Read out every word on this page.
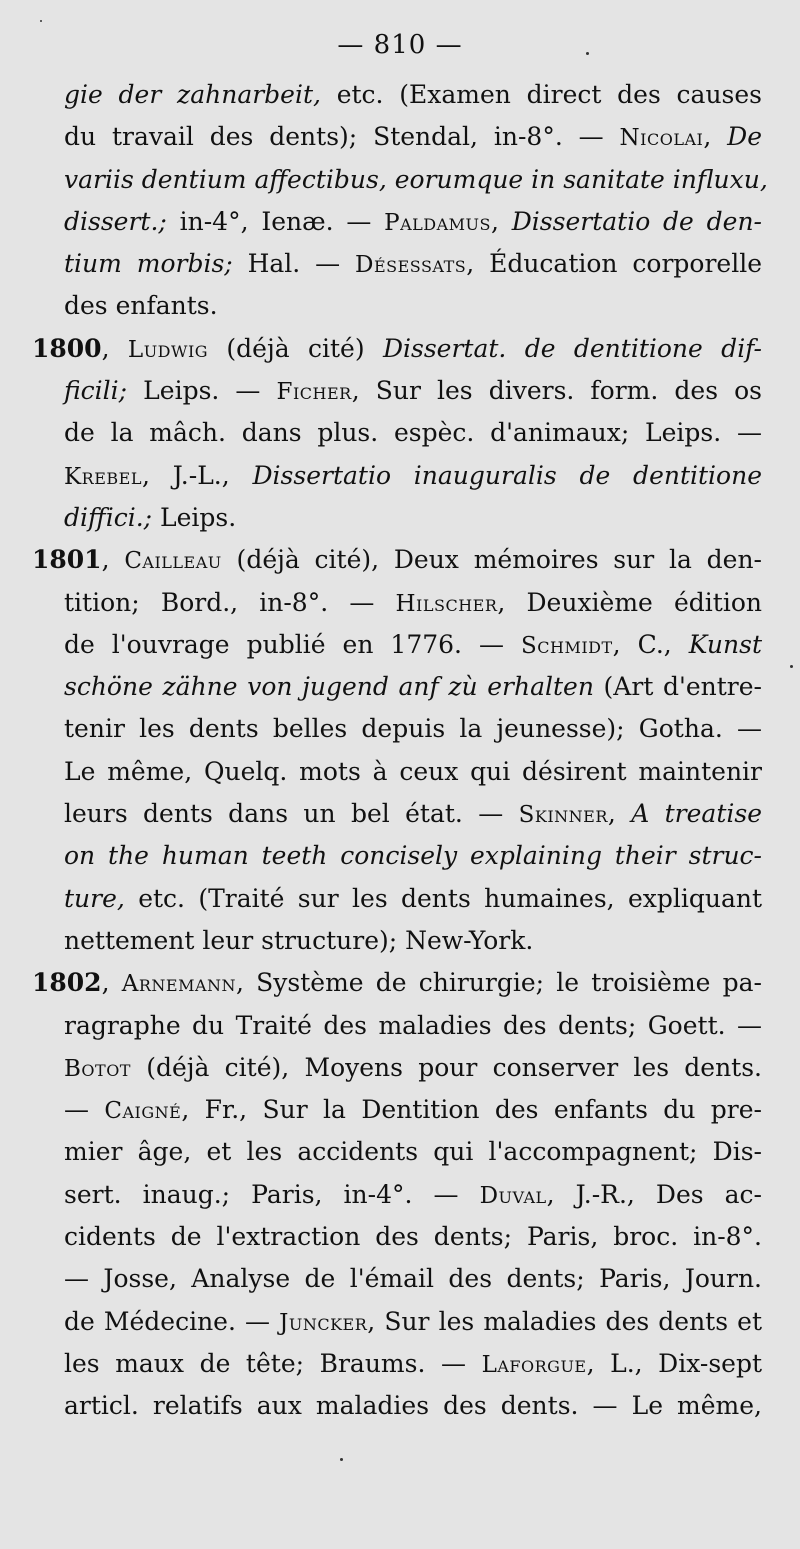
— 810 —
gie der zahnarbeit, etc. (Examen direct des causes
du travail des dents); Stendal, in-8°. — Nicolai, De
variis dentium affectibus, eorumque in sanitate influxu,
dissert.; in-4°, Ienæ. — Paldamus, Dissertatio de den-
tium morbis; Hal. — Désessats, Éducation corporelle
des enfants.
1800, Ludwig (déjà cité) Dissertat. de dentitione dif-
ficili; Leips. — Ficher, Sur les divers. form. des os
de la mâch. dans plus. espèc. d'animaux; Leips. —
Krebel, J.-L., Dissertatio inauguralis de dentitione
diffici.; Leips.
1801, Cailleau (déjà cité), Deux mémoires sur la den-
tition; Bord., in-8°. — Hilscher, Deuxième édition
de l'ouvrage publié en 1776. — Schmidt, C., Kunst
schöne zähne von jugend anf zù erhalten (Art d'entre-
tenir les dents belles depuis la jeunesse); Gotha. —
Le même, Quelq. mots à ceux qui désirent maintenir
leurs dents dans un bel état. — Skinner, A treatise
on the human teeth concisely explaining their struc-
ture, etc. (Traité sur les dents humaines, expliquant
nettement leur structure); New-York.
1802, Arnemann, Système de chirurgie; le troisième pa-
ragraphe du Traité des maladies des dents; Goett. —
Botot (déjà cité), Moyens pour conserver les dents.
— Caigné, Fr., Sur la Dentition des enfants du pre-
mier âge, et les accidents qui l'accompagnent; Dis-
sert. inaug.; Paris, in-4°. — Duval, J.-R., Des ac-
cidents de l'extraction des dents; Paris, broc. in-8°.
— Josse, Analyse de l'émail des dents; Paris, Journ.
de Médecine. — Juncker, Sur les maladies des dents et
les maux de tête; Braums. — Laforgue, L., Dix-sept
articl. relatifs aux maladies des dents. — Le même,
